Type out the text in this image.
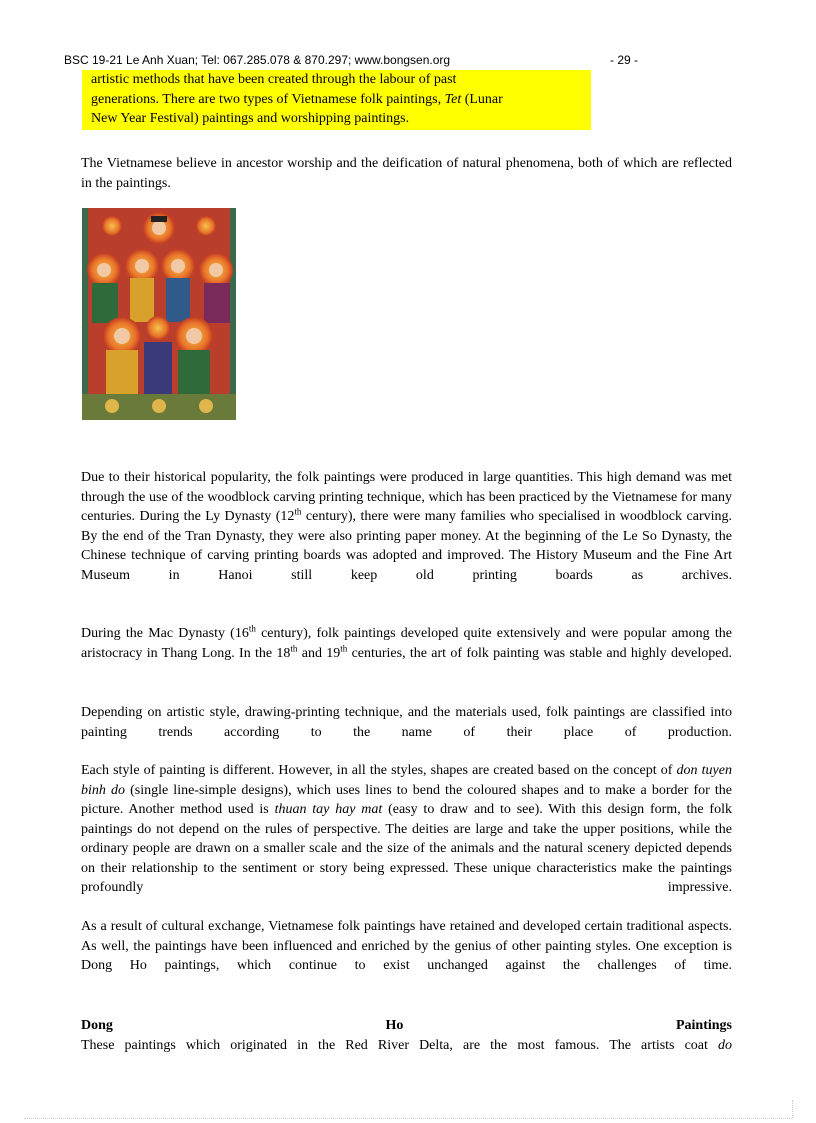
BSC 19-21 Le Anh Xuan; Tel: 067.285.078 & 870.297; www.bongsen.org	- 29 -
artistic methods that have been created through the labour of past
generations. There are two types of Vietnamese folk paintings, Tet (Lunar
New Year Festival) paintings and worshipping paintings.

The Vietnamese believe in ancestor worship and the deification of natural phenomena, both of which are reflected in the paintings.

Due to their historical popularity, the folk paintings were produced in large quantities. This high demand was met through the use of the woodblock carving printing technique, which has been practiced by the Vietnamese for many centuries. During the Ly Dynasty (12th century), there were many families who specialised in woodblock carving. By the end of the Tran Dynasty, they were also printing paper money. At the beginning of the Le So Dynasty, the Chinese technique of carving printing boards was adopted and improved. The History Museum and the Fine Art Museum in Hanoi still keep old printing boards as archives.

During the Mac Dynasty (16th century), folk paintings developed quite extensively and were popular among the aristocracy in Thang Long. In the 18th and 19th centuries, the art of folk painting was stable and highly developed.

Depending on artistic style, drawing-printing technique, and the materials used, folk paintings are classified into painting trends according to the name of their place of production.

Each style of painting is different. However, in all the styles, shapes are created based on the concept of don tuyen binh do (single line-simple designs), which uses lines to bend the coloured shapes and to make a border for the picture. Another method used is thuan tay hay mat (easy to draw and to see). With this design form, the folk paintings do not depend on the rules of perspective. The deities are large and take the upper positions, while the ordinary people are drawn on a smaller scale and the size of the animals and the natural scenery depicted depends on their relationship to the sentiment or story being expressed. These unique characteristics make the paintings profoundly impressive.

As a result of cultural exchange, Vietnamese folk paintings have retained and developed certain traditional aspects. As well, the paintings have been influenced and enriched by the genius of other painting styles. One exception is Dong Ho paintings, which continue to exist unchanged against the challenges of time.

Dong	Ho	Paintings

These paintings which originated in the Red River Delta, are the most famous. The artists coat do
